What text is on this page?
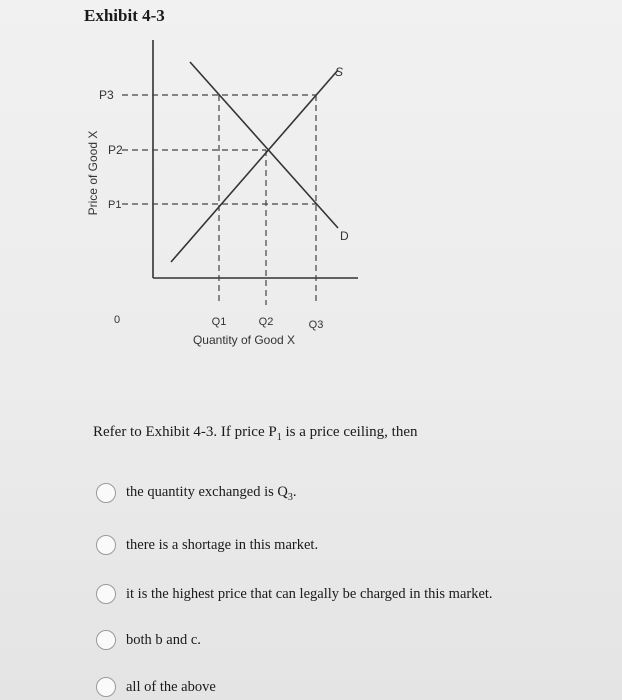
Exhibit 4-3
S
D
P3
P2
P1
Price of Good X
0	Q1	Q2	Q3
Quantity of Good X
Refer to Exhibit 4-3. If price $P_1$ is a price ceiling, then
the quantity exchanged is $Q_3$.
there is a shortage in this market.
it is the highest price that can legally be charged in this market.
both b and c.
all of the above
